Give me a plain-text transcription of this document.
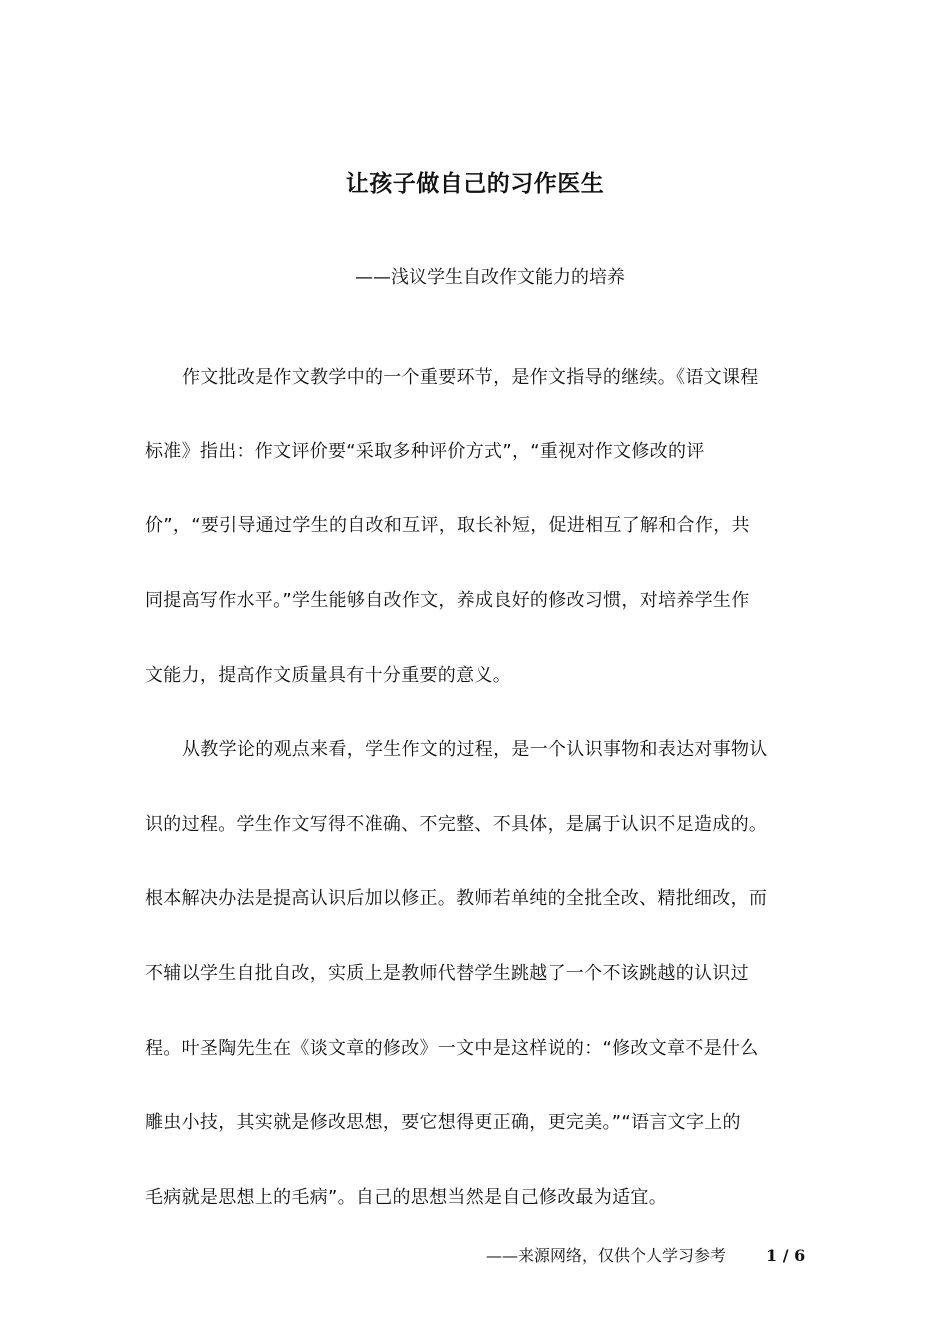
让孩子做自己的习作医生
——浅议学生自改作文能力的培养
作文批改是作文教学中的一个重要环节，是作文指导的继续。《语文课程
标准》指出：作文评价要“采取多种评价方式”，“重视对作文修改的评
价”，“要引导通过学生的自改和互评，取长补短，促进相互了解和合作，共
同提高写作水平。”学生能够自改作文，养成良好的修改习惯，对培养学生作
文能力，提高作文质量具有十分重要的意义。
从教学论的观点来看，学生作文的过程，是一个认识事物和表达对事物认
识的过程。学生作文写得不准确、不完整、不具体，是属于认识不足造成的。
根本解决办法是提高认识后加以修正。教师若单纯的全批全改、精批细改，而
不辅以学生自批自改，实质上是教师代替学生跳越了一个不该跳越的认识过
程。叶圣陶先生在《谈文章的修改》一文中是这样说的：“修改文章不是什么
雕虫小技，其实就是修改思想，要它想得更正确，更完美。”“语言文字上的
毛病就是思想上的毛病”。自己的思想当然是自己修改最为适宜。
——来源网络，仅供个人学习参考 1 / 6
